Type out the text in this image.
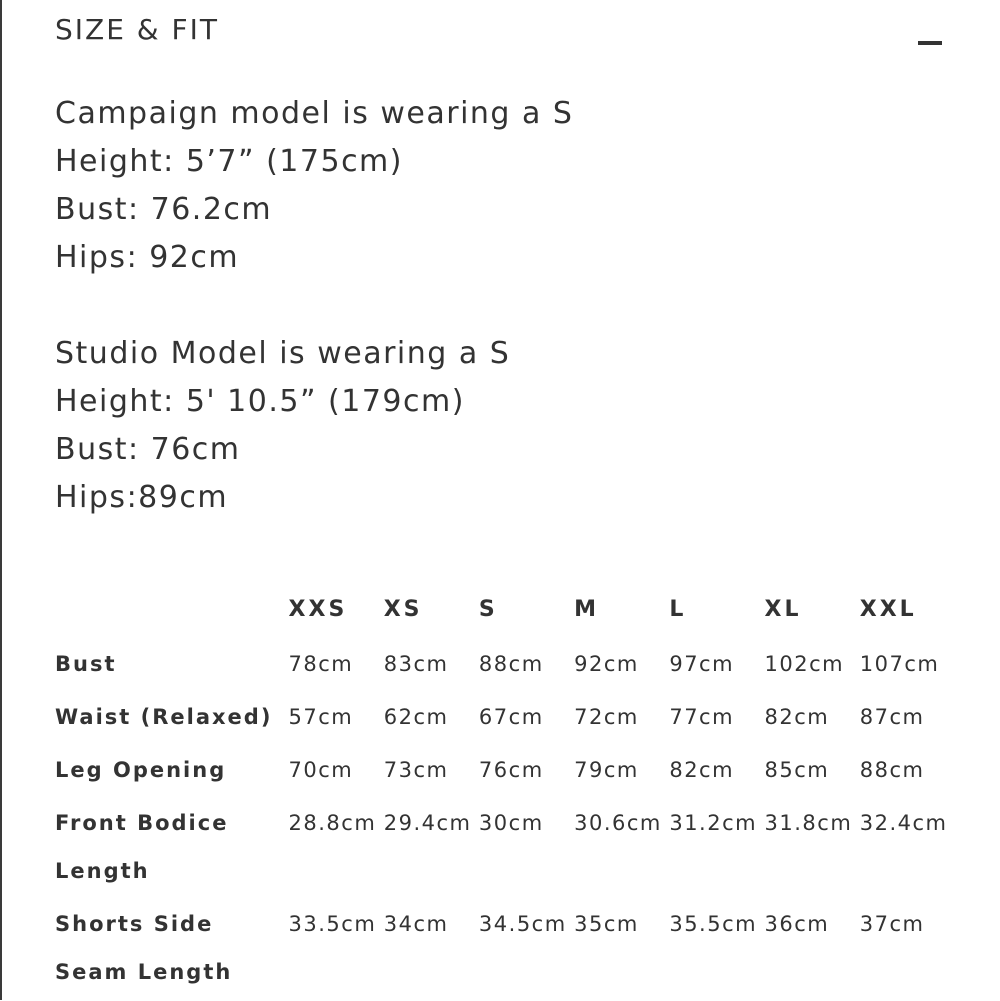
SIZE & FIT
Campaign model is wearing a S
Height: 5’7” (175cm)
Bust: 76.2cm
Hips: 92cm
Studio Model is wearing a S
Height: 5' 10.5” (179cm)
Bust: 76cm
Hips:89cm
	XXS	XS	S	M	L	XL	XXL
Bust	78cm	83cm	88cm	92cm	97cm	102cm	107cm
Waist (Relaxed)	57cm	62cm	67cm	72cm	77cm	82cm	87cm
Leg Opening	70cm	73cm	76cm	79cm	82cm	85cm	88cm

Front Bodice Length	28.8cm	29.4cm	30cm	30.6cm	31.2cm	31.8cm	32.4cm

Shorts Side Seam Length	33.5cm	34cm	34.5cm	35cm	35.5cm	36cm	37cm
